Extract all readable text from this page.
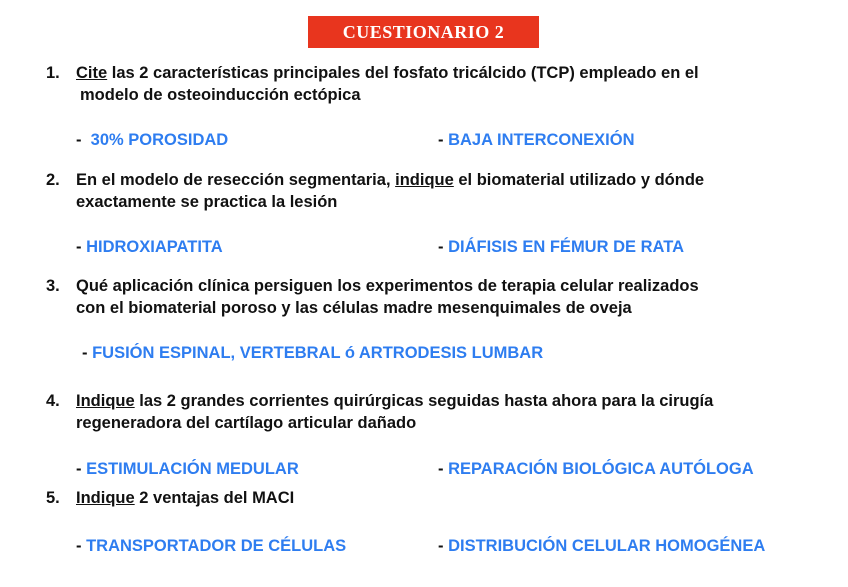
CUESTIONARIO 2
1. Cite las 2 características principales del fosfato tricálcido (TCP) empleado en el
modelo de osteoinducción ectópica
- 30% POROSIDAD	- BAJA INTERCONEXIÓN
2. En el modelo de resección segmentaria, indique el biomaterial utilizado y dónde
exactamente se practica la lesión
- HIDROXIAPATITA	- DIÁFISIS EN FÉMUR DE RATA
3. Qué aplicación clínica persiguen los experimentos de terapia celular realizados
con el biomaterial poroso y las células madre mesenquimales de oveja
- FUSIÓN ESPINAL, VERTEBRAL ó ARTRODESIS LUMBAR
4. Indique las 2 grandes corrientes quirúrgicas seguidas hasta ahora para la cirugía
regeneradora del cartílago articular dañado
- ESTIMULACIÓN MEDULAR	- REPARACIÓN BIOLÓGICA AUTÓLOGA
5. Indique 2 ventajas del MACI
- TRANSPORTADOR DE CÉLULAS	- DISTRIBUCIÓN CELULAR HOMOGÉNEA
